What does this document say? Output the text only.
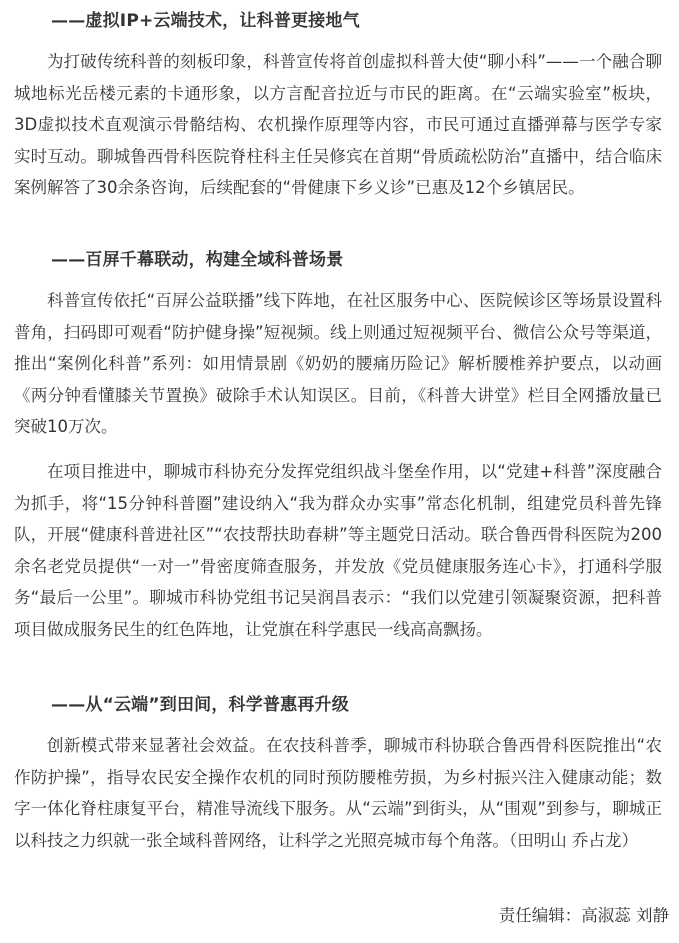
——虚拟IP+云端技术，让科普更接地气

为打破传统科普的刻板印象，科普宣传将首创虚拟科普大使“聊小科”——一个融合聊城地标光岳楼元素的卡通形象，以方言配音拉近与市民的距离。在“云端实验室”板块，3D虚拟技术直观演示骨骼结构、农机操作原理等内容，市民可通过直播弹幕与医学专家实时互动。聊城鲁西骨科医院脊柱科主任吴修宾在首期“骨质疏松防治”直播中，结合临床案例解答了30余条咨询，后续配套的“骨健康下乡义诊”已惠及12个乡镇居民。

——百屏千幕联动，构建全域科普场景

科普宣传依托“百屏公益联播”线下阵地，在社区服务中心、医院候诊区等场景设置科普角，扫码即可观看“防护健身操”短视频。线上则通过短视频平台、微信公众号等渠道，推出“案例化科普”系列：如用情景剧《奶奶的腰痛历险记》解析腰椎养护要点，以动画《两分钟看懂膝关节置换》破除手术认知误区。目前，《科普大讲堂》栏目全网播放量已突破10万次。

在项目推进中，聊城市科协充分发挥党组织战斗堡垒作用，以“党建+科普”深度融合为抓手，将“15分钟科普圈”建设纳入“我为群众办实事”常态化机制，组建党员科普先锋队，开展“健康科普进社区”“农技帮扶助春耕”等主题党日活动。联合鲁西骨科医院为200余名老党员提供“一对一”骨密度筛查服务，并发放《党员健康服务连心卡》，打通科学服务“最后一公里”。聊城市科协党组书记吴润昌表示：“我们以党建引领凝聚资源，把科普项目做成服务民生的红色阵地，让党旗在科学惠民一线高高飘扬。

——从“云端”到田间，科学普惠再升级

创新模式带来显著社会效益。在农技科普季，聊城市科协联合鲁西骨科医院推出“农作防护操”，指导农民安全操作农机的同时预防腰椎劳损，为乡村振兴注入健康动能；数字一体化脊柱康复平台，精准导流线下服务。从“云端”到街头，从“围观”到参与，聊城正以科技之力织就一张全域科普网络，让科学之光照亮城市每个角落。（田明山 乔占龙）

责任编辑：高淑蕊 刘静
